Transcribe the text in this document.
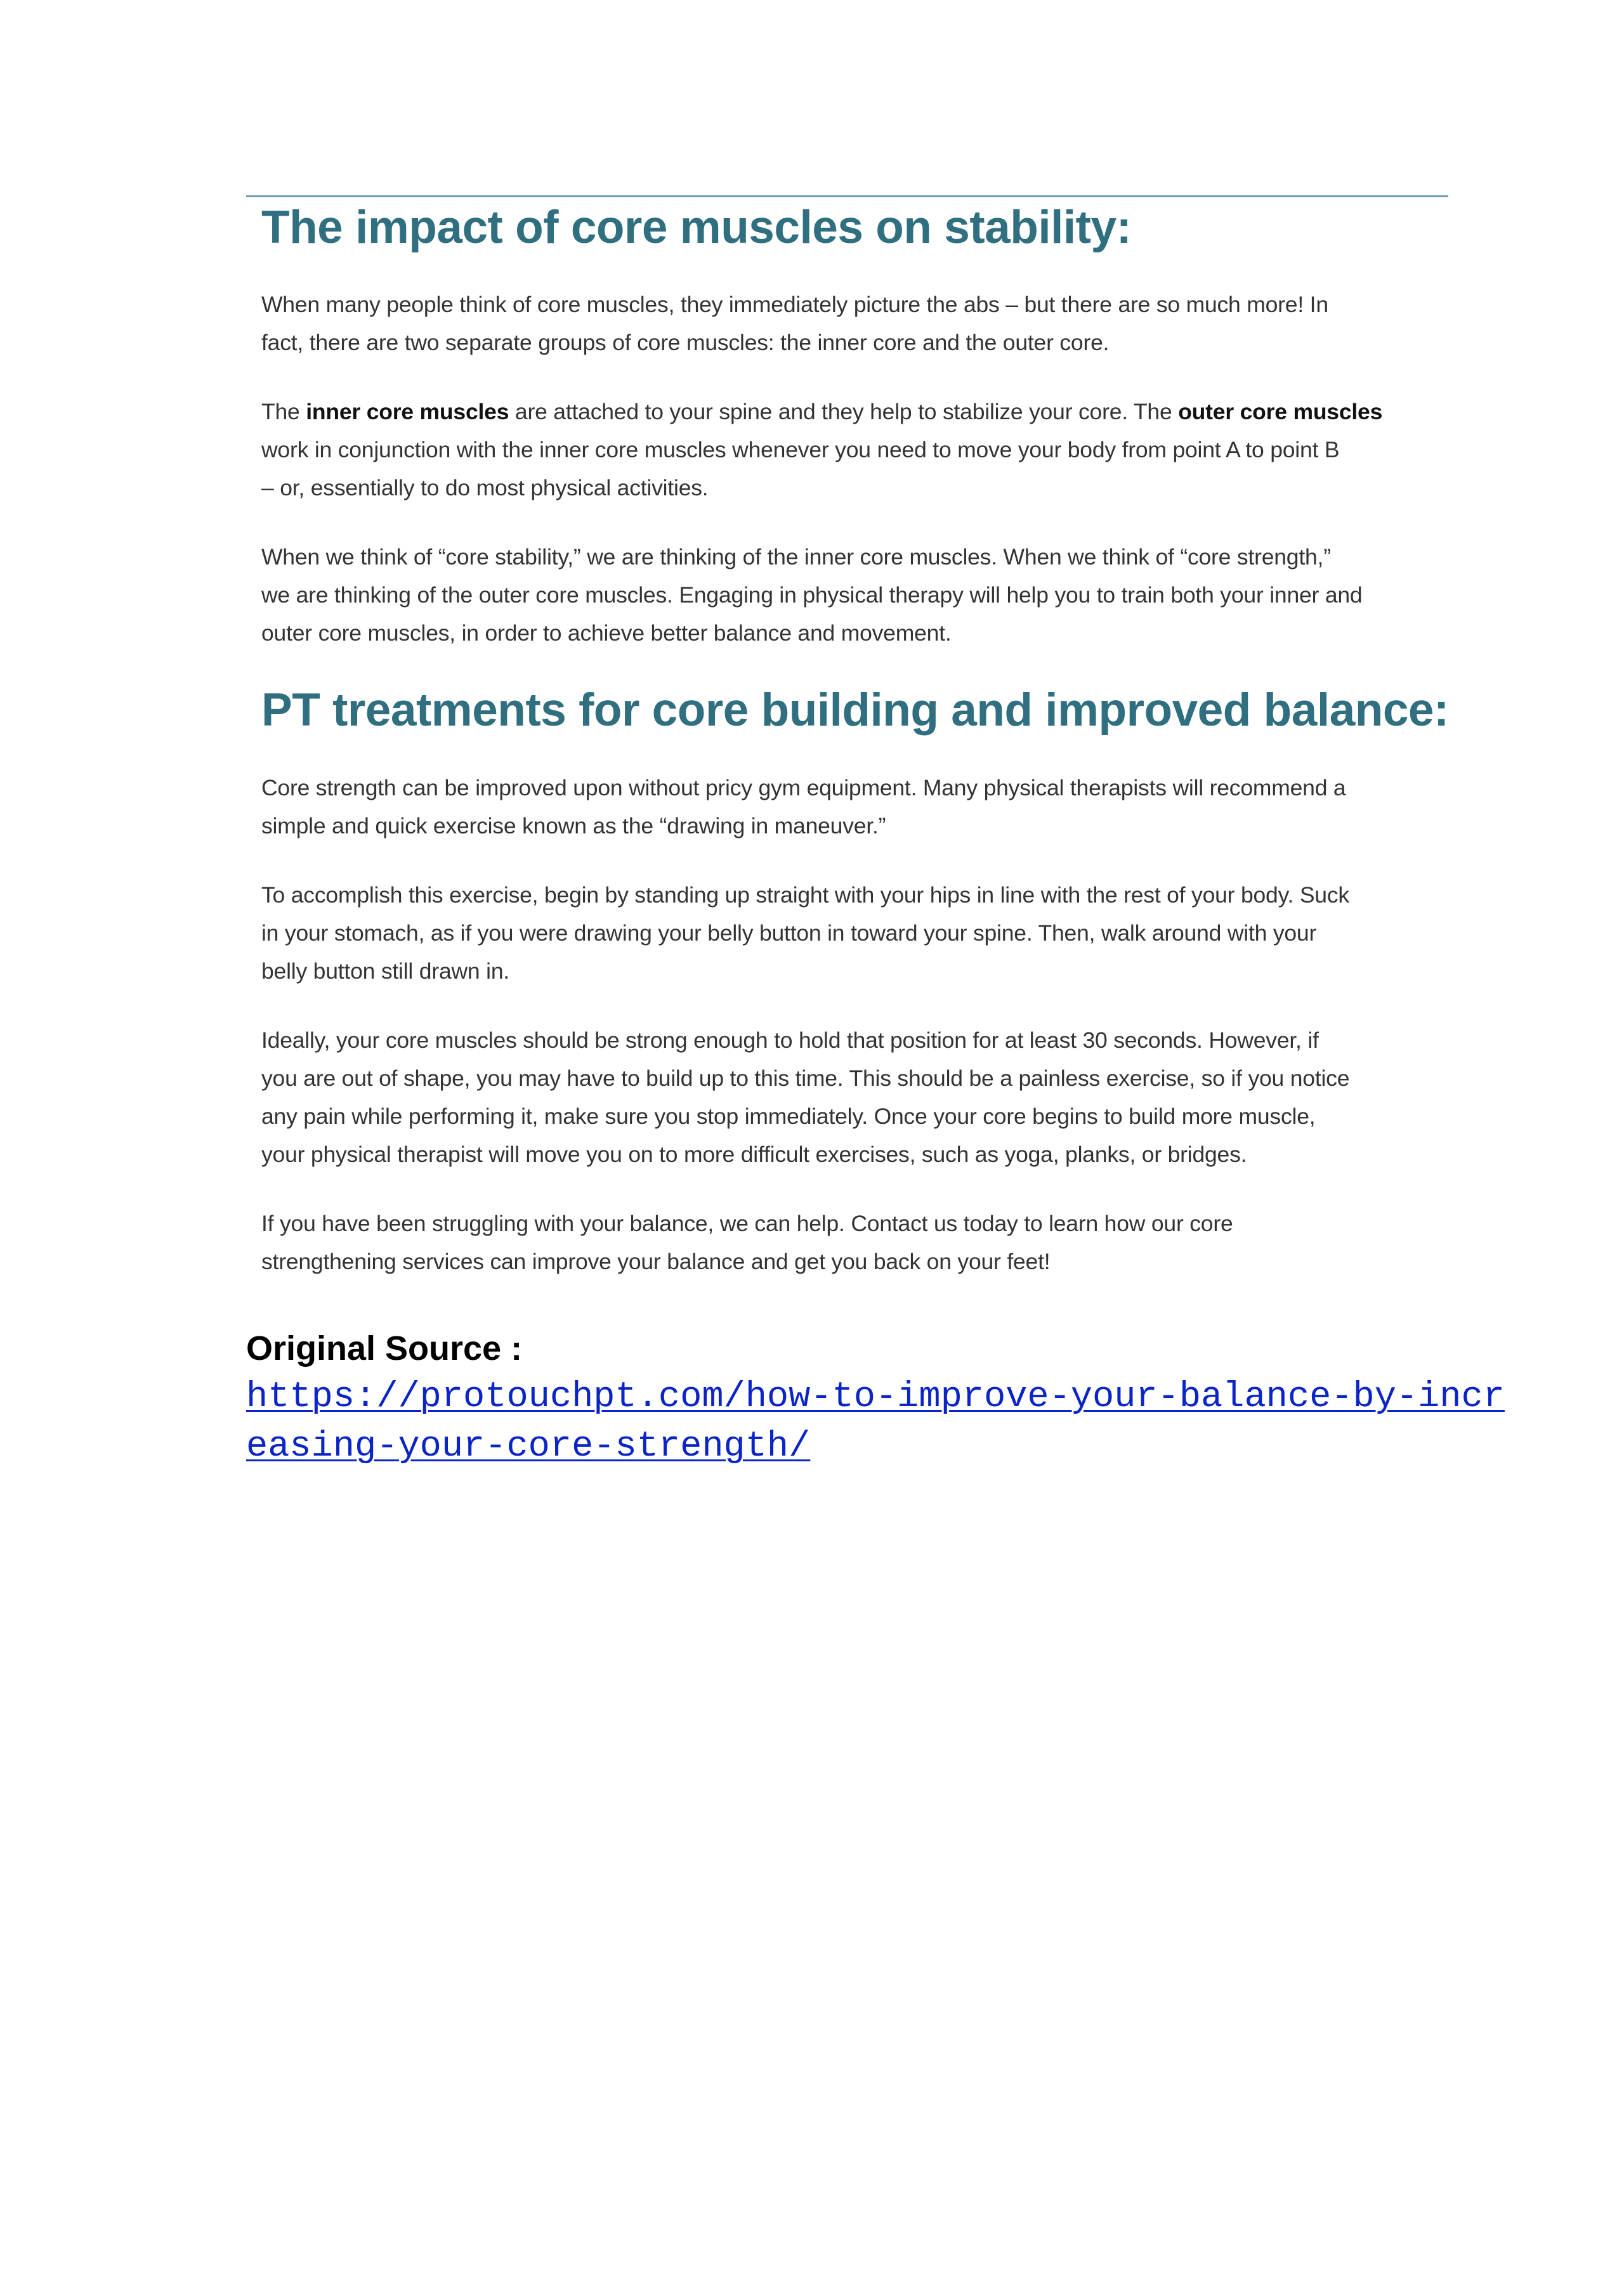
The impact of core muscles on stability:

When many people think of core muscles, they immediately picture the abs – but there are so much more! In
fact, there are two separate groups of core muscles: the inner core and the outer core.

The inner core muscles are attached to your spine and they help to stabilize your core. The outer core muscles
work in conjunction with the inner core muscles whenever you need to move your body from point A to point B
– or, essentially to do most physical activities.

When we think of “core stability,” we are thinking of the inner core muscles. When we think of “core strength,”
we are thinking of the outer core muscles. Engaging in physical therapy will help you to train both your inner and
outer core muscles, in order to achieve better balance and movement.

PT treatments for core building and improved balance:

Core strength can be improved upon without pricy gym equipment. Many physical therapists will recommend a
simple and quick exercise known as the “drawing in maneuver.”

To accomplish this exercise, begin by standing up straight with your hips in line with the rest of your body. Suck
in your stomach, as if you were drawing your belly button in toward your spine. Then, walk around with your
belly button still drawn in.

Ideally, your core muscles should be strong enough to hold that position for at least 30 seconds. However, if
you are out of shape, you may have to build up to this time. This should be a painless exercise, so if you notice
any pain while performing it, make sure you stop immediately. Once your core begins to build more muscle,
your physical therapist will move you on to more difficult exercises, such as yoga, planks, or bridges.

If you have been struggling with your balance, we can help. Contact us today to learn how our core
strengthening services can improve your balance and get you back on your feet!

Original Source :
https://protouchpt.com/how-to-improve-your-balance-by-incr
easing-your-core-strength/
